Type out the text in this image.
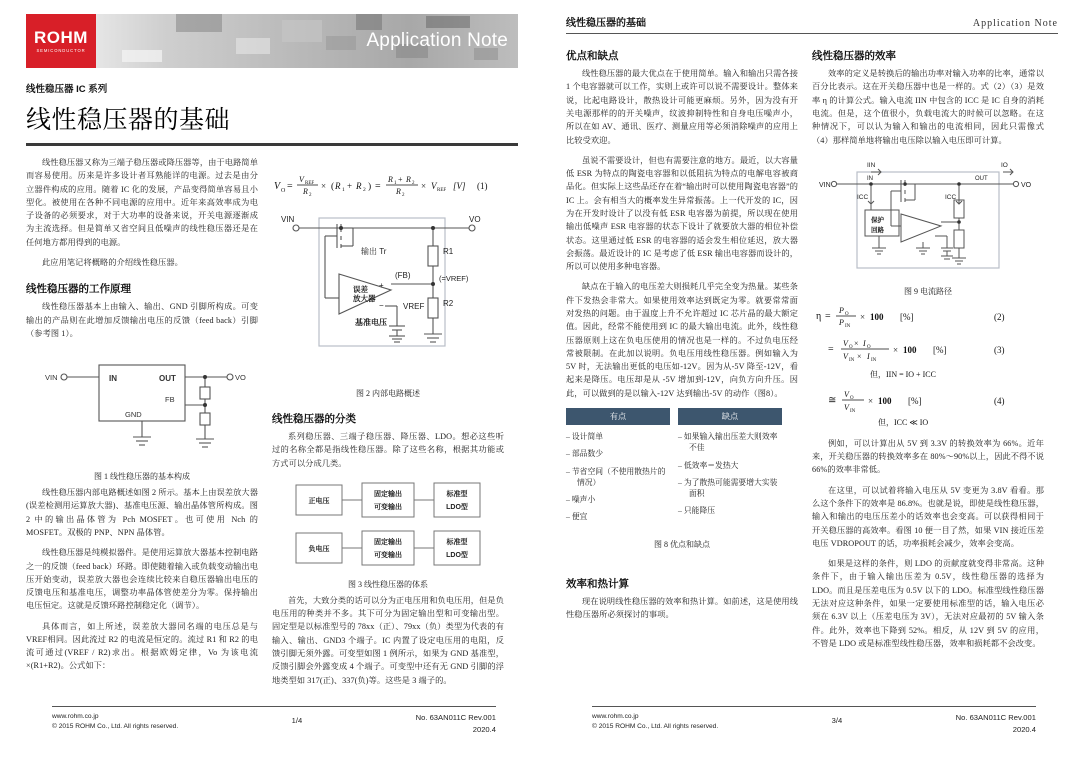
ROHM
SEMICONDUCTOR	Application Note
线性稳压器 IC 系列
线性稳压器的基础

线性稳压器又称为三端子稳压器或降压器等，由于电路简单而容易使用。历来是许多设计者耳熟能详的电源。过去是由分立器件构成的应用。随着 IC 化的发展，产品变得简单容易且小型化。被使用在各种不同电源的应用中。近年来高效率成为电子设备的必须要求，对于大功率的设备来说，开关电源逐渐成为主流选择。但是简单又省空间且低噪声的线性稳压器还是在任何地方都用得到的电源。

此应用笔记将概略的介绍线性稳压器。

线性稳压器的工作原理

线性稳压器基本上由输入、输出、GND 引脚所构成。可变输出的产品则在此增加反馈输出电压的反馈（feed back）引脚（参考图 1）。

VIN	IN	OUT
GND
FB
VO
图 1 线性稳压器的基本构成

线性稳压器内部电路概述如图 2 所示。基本上由误差放大器(误差检测用运算放大器)、基准电压源、输出晶体管所构成。图 2 中的输出晶体管为 Pch MOSFET。也可使用 Nch 的 MOSFET。双极的 PNP、NPN 晶体管。

线性稳压器是纯模拟器件。是使用运算放大器基本控制电路之一的反馈（feed back）环路。即使随着输入或负载变动输出电压开始变动，误差放大器也会连续比较来自稳压器输出电压的反馈电压和基准电压，调整功率晶体管使差分为零。保持输出电压恒定。这就是反馈环路控制稳定化（调节）。

具体而言，如上所述，误差放大器同名端的电压总是与VREF相同。因此流过 R2 的电流是恒定的。流过 R1 和 R2 的电流可通过(VREF / R2)求出。根据欧姆定律，Vo 为该电流×(R1+R2)。公式如下：

V O =
V REF
R 2
× ( R 1 + R 2 ) =
R 1 + R 2
R 2
× V REF [V] (1)
VIN	VO
输出 Tr
(FB)
+
−
误差
放大器
VREF
基准电压
R1
R2
(=VREF)
图 2 内部电路概述
线性稳压器的分类

系列稳压器、三端子稳压器、降压器、LDO。想必这些听过的名称全都是指线性稳压器。除了这些名称，根据其功能或方式可以分成几类。

正电压
固定输出
可变输出
标准型
LDO型
负电压
固定输出
可变输出
标准型
LDO型
图 3 线性稳压器的体系

首先，大致分类的话可以分为正电压用和负电压用，但是负电压用的种类并不多。其下可分为固定输出型和可变输出型。固定型是以标准型号的 78xx（正）、79xx（负）类型为代表的有输入、输出、GND3 个端子。IC 内置了设定电压用的电阻，反馈引脚无须外露。可变型如图 1 例所示，如果为 GND 基准型，反馈引脚会外露变成 4 个端子。可变型中还有无 GND 引脚的浮地类型如 317(正)、337(负)等。这些是 3 端子的。

www.rohm.co.jp
© 2015 ROHM Co., Ltd. All rights reserved.
1/4	No. 63AN011C Rev.001
2020.4
线性稳压器的基础	Application Note
优点和缺点

线性稳压器的最大优点在于使用简单。输入和输出只需各接 1 个电容器就可以工作，实则上或许可以说不需要设计。整体来说，比起电路设计，散热设计可能更麻烦。另外，因为没有开关电源那样的的开关噪声，纹波抑制特性和自身电压噪声小，所以在如 AV、通讯、医疗、测量应用等必须消除噪声的应用上比较受欢迎。

虽说不需要设计，但也有需要注意的地方。最近，以大容量低 ESR 为特点的陶瓷电容器和以低阻抗为特点的电解电容被商品化。但实际上这些品还存在着“输出时可以使用陶瓷电容器”的 IC 上。会有相当大的概率发生异常振荡。上一代开发的 IC，因为在开发时设计了以没有低 ESR 电容器为前提，所以现在使用输出低噪声 ESR 电容器的状态下设计了就要放大器的相位补偿状态。这里通过低 ESR 的电容器的适会发生相位延迟，放大器会振荡。最近设计的 IC 是考虑了低 ESR 输出电容器而设计的，所以可以使用多种电容器。

缺点在于输入的电压差大则损耗几乎完全变为热量。某些条件下发热会非常大。如果使用效率达到既定为零。就要常常面对发热的问题。由于温度上升不允许超过 IC 芯片晶的最大额定值。因此，经常不能使用到 IC 的最大输出电流。此外，线性稳压器原则上这在负电压使用的情况也是一样的。不过负电压经常被限制。在此加以说明。负电压用线性稳压器。例如输入为 5V 时，无法输出更低的电压如-12V。因为从-5V 降至-12V，看起来是降压。电压却是从 -5V 增加到-12V，向负方向升压。因此，可以做到的是以输入-12V 达到输出-5V 的动作（图8）。

有点
– 设计简单
– 部品数少
– 节省空间（不使用散热片的情况）
– 噪声小
– 便宜
缺点
– 如果输入输出压差大则效率不佳
– 低效率＝发热大
– 为了散热可能需要增大实装面积
– 只能降压
图 8 优点和缺点
效率和热计算

现在说明线性稳压器的效率和热计算。如前述，这是使用线性稳压器所必须探讨的事项。

线性稳压器的效率

效率的定义是转换后的输出功率对输入功率的比率，通常以百分比表示。这在开关稳压器中也是一样的。式（2）（3）是效率 η 的计算公式。输入电流 IIN 中包含的 ICC 是 IC 自身的消耗电流。但是，这个值很小，负载电流大的时候可以忽略。在这种情况下，可以认为输入和输出的电流相同，因此只需像式（4）那样简单地将输出电压除以输入电压即可计算。

VIN	VO
IIN	IO
ICC	ICC
IN	OUT
保护
回路
图 9 电流路径
η =
P O
P IN
× 100 [%]	(2)
=
V O × I O
V IN × I IN
× 100 [%]	(3)
但，IIN = IO + ICC
≅
V O
V IN
× 100 [%]	(4)
但，ICC ≪ IO

例如，可以计算出从 5V 到 3.3V 的转换效率为 66%。近年来，开关稳压器的转换效率多在 80%～90%以上，因此不得不说 66%的效率非常低。

在这里，可以试着将输入电压从 5V 变更为 3.8V 看看。那么这个条件下的效率是 86.8%。也就是说，即使是线性稳压器，输入和输出的电压压差小的话效率也会变高。可以获得相同于开关稳压器的高效率。看图 10 便一目了然，如果 VIN 接近压差电压 VDROPOUT 的话，功率损耗会减少，效率会变高。

如果是这样的条件，则 LDO 的贡献度就变得非常高。这种条件下，由于输入输出压差为 0.5V，线性稳压器的选择为 LDO。而且是压差电压为 0.5V 以下的 LDO。标准型线性稳压器无法对应这种条件，如果一定要使用标准型的话，输入电压必须在 6.3V 以上（压差电压为 3V），无法对应最初的 5V 输入条件。此外，效率也下降到 52%。相反，从 12V 到 5V 的应用，不管是 LDO 或是标准型线性稳压器，效率和损耗都不会改变。

www.rohm.co.jp
© 2015 ROHM Co., Ltd. All rights reserved.
3/4	No. 63AN011C Rev.001
2020.4
